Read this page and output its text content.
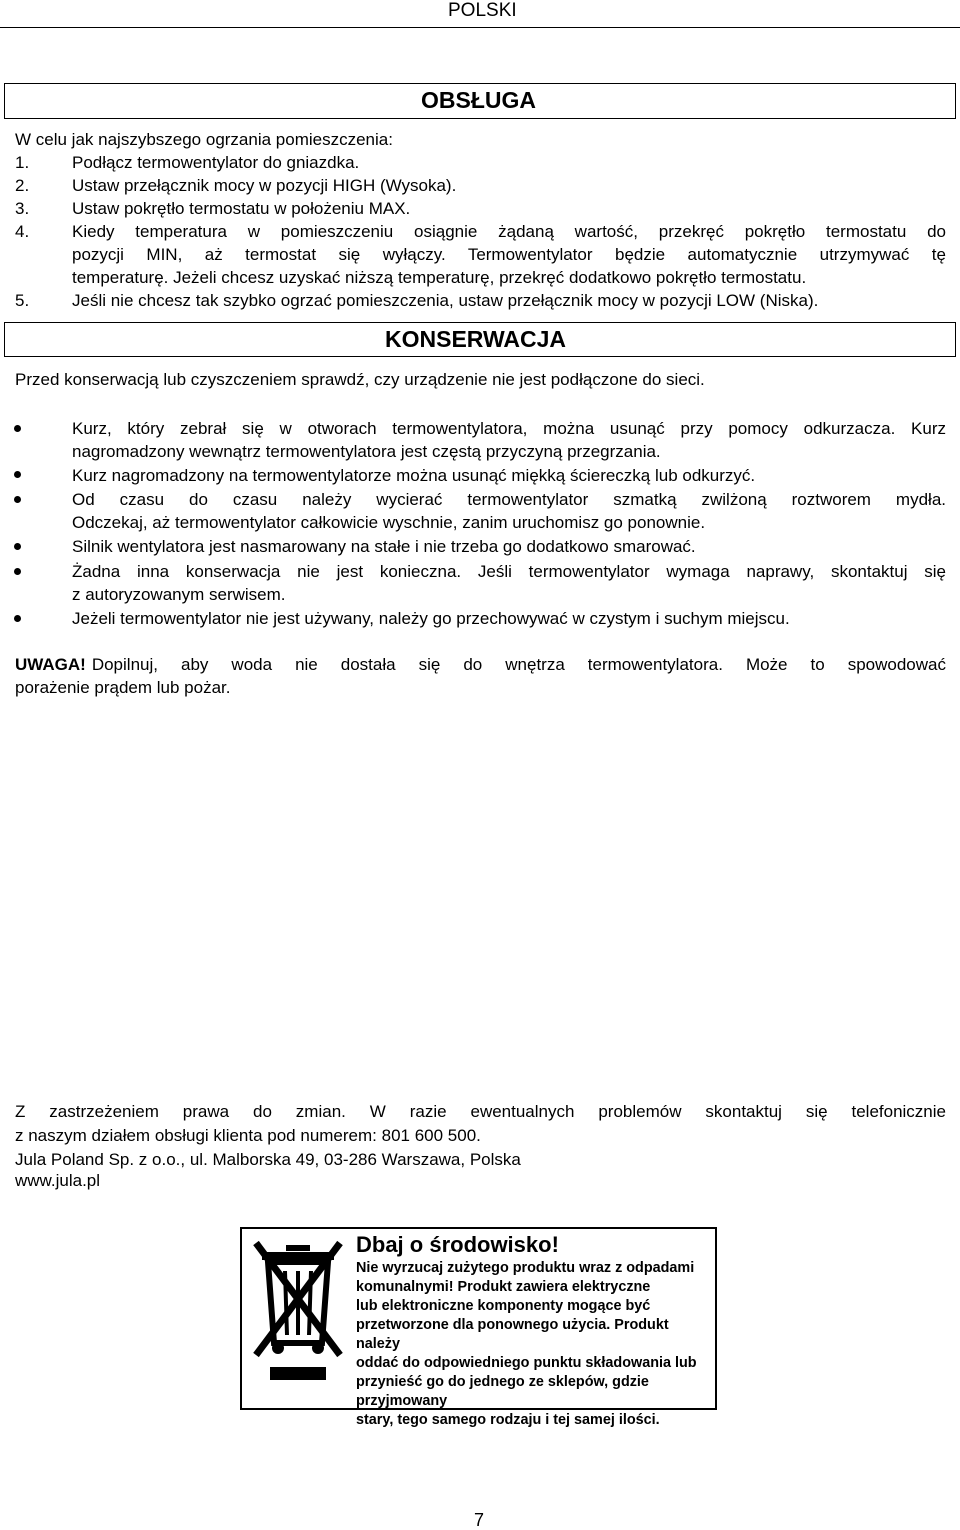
POLSKI
OBSŁUGA
W celu jak najszybszego ogrzania pomieszczenia:
1.	Podłącz termowentylator do gniazdka.
2.	Ustaw przełącznik mocy w pozycji HIGH (Wysoka).
3.	Ustaw pokrętło termostatu w położeniu MAX.
4.	Kiedy temperatura w pomieszczeniu osiągnie żądaną wartość, przekręć pokrętło termostatu do
pozycji MIN, aż termostat się wyłączy. Termowentylator będzie automatycznie utrzymywać tę
temperaturę. Jeżeli chcesz uzyskać niższą temperaturę, przekręć dodatkowo pokrętło termostatu.
5.	Jeśli nie chcesz tak szybko ogrzać pomieszczenia, ustaw przełącznik mocy w pozycji LOW (Niska).
KONSERWACJA
Przed konserwacją lub czyszczeniem sprawdź, czy urządzenie nie jest podłączone do sieci.
Kurz, który zebrał się w otworach termowentylatora, można usunąć przy pomocy odkurzacza. Kurz
nagromadzony wewnątrz termowentylatora jest częstą przyczyną przegrzania.
Kurz nagromadzony na termowentylatorze można usunąć miękką ściereczką lub odkurzyć.
Od czasu do czasu należy wycierać termowentylator szmatką zwilżoną roztworem mydła.
Odczekaj, aż termowentylator całkowicie wyschnie, zanim uruchomisz go ponownie.
Silnik wentylatora jest nasmarowany na stałe i nie trzeba go dodatkowo smarować.
Żadna inna konserwacja nie jest konieczna. Jeśli termowentylator wymaga naprawy, skontaktuj się
z autoryzowanym serwisem.
Jeżeli termowentylator nie jest używany, należy go przechowywać w czystym i suchym miejscu.
UWAGA! Dopilnuj, aby woda nie dostała się do wnętrza termowentylatora. Może to spowodować
porażenie prądem lub pożar.
Z zastrzeżeniem prawa do zmian. W razie ewentualnych problemów skontaktuj się telefonicznie
z naszym działem obsługi klienta pod numerem: 801 600 500.
Jula Poland Sp. z o.o., ul. Malborska 49, 03-286 Warszawa, Polska
www.jula.pl
Dbaj o środowisko!
Nie wyrzucaj zużytego produktu wraz z odpadami
komunalnymi! Produkt zawiera elektryczne
lub elektroniczne komponenty mogące być
przetworzone dla ponownego użycia. Produkt należy
oddać do odpowiedniego punktu składowania lub
przynieść go do jednego ze sklepów, gdzie przyjmowany
stary, tego samego rodzaju i tej samej ilości.
7
